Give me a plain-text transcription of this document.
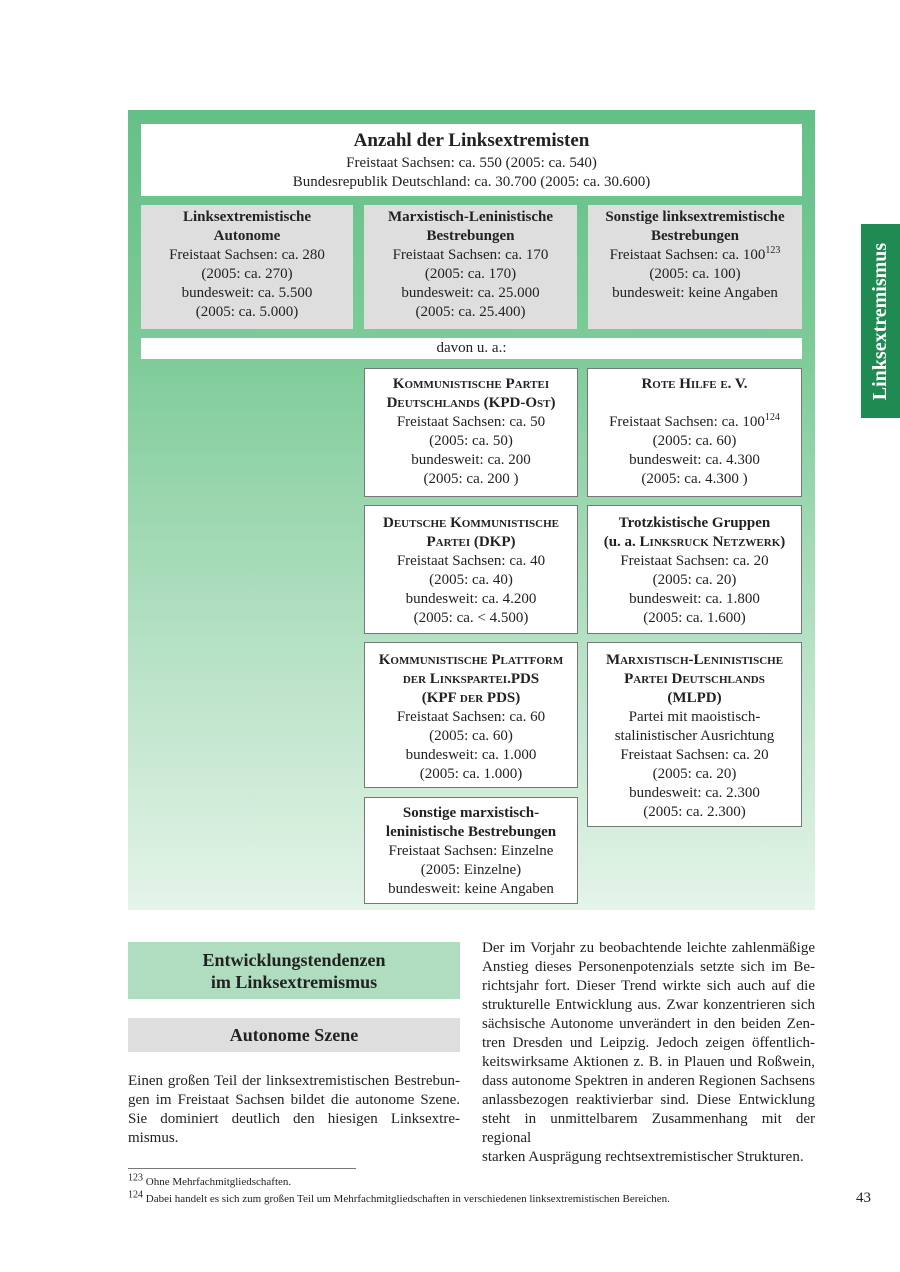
Anzahl der Linksextremisten
Freistaat Sachsen: ca. 550 (2005: ca. 540)
Bundesrepublik Deutschland: ca. 30.700 (2005: ca. 30.600)
Linksextremistische
Autonome
Freistaat Sachsen: ca. 280
(2005: ca. 270)
bundesweit: ca. 5.500
(2005: ca. 5.000)
Marxistisch-Leninistische
Bestrebungen
Freistaat Sachsen: ca. 170
(2005: ca. 170)
bundesweit: ca. 25.000
(2005: ca. 25.400)
Sonstige linksextremistische
Bestrebungen
Freistaat Sachsen: ca. $100^{123}$
(2005: ca. 100)
bundesweit: keine Angaben
davon u. a.:
Kommunistische Partei
Deutschlands (KPD-Ost)
Freistaat Sachsen: ca. 50
(2005: ca. 50)
bundesweit: ca. 200
(2005: ca. 200 )
Rote Hilfe e. V.
Freistaat Sachsen: ca. $100^{124}$
(2005: ca. 60)
bundesweit: ca. 4.300
(2005: ca. 4.300 )
Deutsche Kommunistische
Partei (DKP)
Freistaat Sachsen: ca. 40
(2005: ca. 40)
bundesweit: ca. 4.200
(2005: ca. < 4.500)
Trotzkistische Gruppen
(u. a. Linksruck Netzwerk)
Freistaat Sachsen: ca. 20
(2005: ca. 20)
bundesweit: ca. 1.800
(2005: ca. 1.600)
Kommunistische Plattform
der Linkspartei.PDS
(KPF der PDS)
Freistaat Sachsen: ca. 60
(2005: ca. 60)
bundesweit: ca. 1.000
(2005: ca. 1.000)
Marxistisch-Leninistische
Partei Deutschlands
(MLPD)
Partei mit maoistisch-
stalinistischer Ausrichtung
Freistaat Sachsen: ca. 20
(2005: ca. 20)
bundesweit: ca. 2.300
(2005: ca. 2.300)
Sonstige marxistisch-
leninistische Bestrebungen
Freistaat Sachsen: Einzelne
(2005: Einzelne)
bundesweit: keine Angaben
Linksextremismus
Entwicklungstendenzen
im Linksextremismus
Autonome Szene
Einen großen Teil der linksextremistischen Bestrebun-
gen im Freistaat Sachsen bildet die autonome Szene.
Sie dominiert deutlich den hiesigen Linksextre-
mismus.
Der im Vorjahr zu beobachtende leichte zahlenmäßige
Anstieg dieses Personenpotenzials setzte sich im Be-
richtsjahr fort. Dieser Trend wirkte sich auch auf die
strukturelle Entwicklung aus. Zwar konzentrieren sich
sächsische Autonome unverändert in den beiden Zen-
tren Dresden und Leipzig. Jedoch zeigen öffentlich-
keitswirksame Aktionen z. B. in Plauen und Roßwein,
dass autonome Spektren in anderen Regionen Sachsens
anlassbezogen reaktivierbar sind. Diese Entwicklung
steht in unmittelbarem Zusammenhang mit der regional
starken Ausprägung rechtsextremistischer Strukturen.
$^{123}$ Ohne Mehrfachmitgliedschaften.
$^{124}$ Dabei handelt es sich zum großen Teil um Mehrfachmitgliedschaften in verschiedenen linksextremistischen Bereichen.	43
